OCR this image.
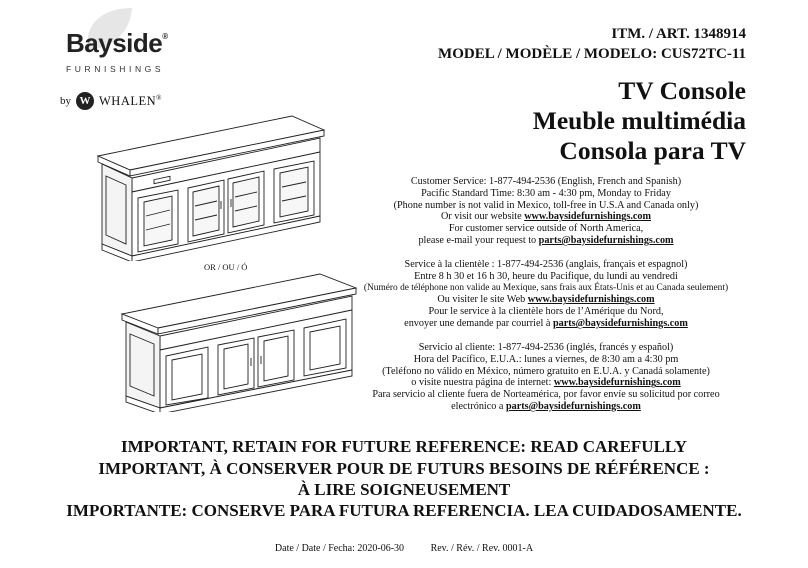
Bayside®
FURNISHINGS
by W WHALEN®
ITM. / ART. 1348914
MODEL / MODÈLE / MODELO: CUS72TC-11
TV Console
Meuble multimédia
Consola para TV
Customer Service: 1-877-494-2536 (English, French and Spanish)
Pacific Standard Time: 8:30 am - 4:30 pm, Monday to Friday
(Phone number is not valid in Mexico, toll-free in U.S.A and Canada only)
Or visit our website www.baysidefurnishings.com
For customer service outside of North America,
please e-mail your request to parts@baysidefurnishings.com
Service à la clientèle : 1-877-494-2536 (anglais, français et espagnol)
Entre 8 h 30 et 16 h 30, heure du Pacifique, du lundi au vendredi
(Numéro de téléphone non valide au Mexique, sans frais aux États-Unis et au Canada seulement)
Ou visiter le site Web www.baysidefurnishings.com
Pour le service à la clientèle hors de l’Amérique du Nord,
envoyer une demande par courriel à parts@baysidefurnishings.com
Servicio al cliente: 1-877-494-2536 (inglés, francés y español)
Hora del Pacífico, E.U.A.: lunes a viernes, de 8:30 am a 4:30 pm
(Teléfono no válido en México, número gratuito en E.U.A. y Canadá solamente)
o visite nuestra página de internet: www.baysidefurnishings.com
Para servicio al cliente fuera de Norteamérica, por favor envíe su solicitud por correo
electrónico a parts@baysidefurnishings.com
OR / OU / Ó
IMPORTANT, RETAIN FOR FUTURE REFERENCE: READ CAREFULLY
IMPORTANT, À CONSERVER POUR DE FUTURS BESOINS DE RÉFÉRENCE :
À LIRE SOIGNEUSEMENT
IMPORTANTE: CONSERVE PARA FUTURA REFERENCIA. LEA CUIDADOSAMENTE.
Date / Date / Fecha: 2020-06-30	Rev. / Rév. / Rev. 0001-A
